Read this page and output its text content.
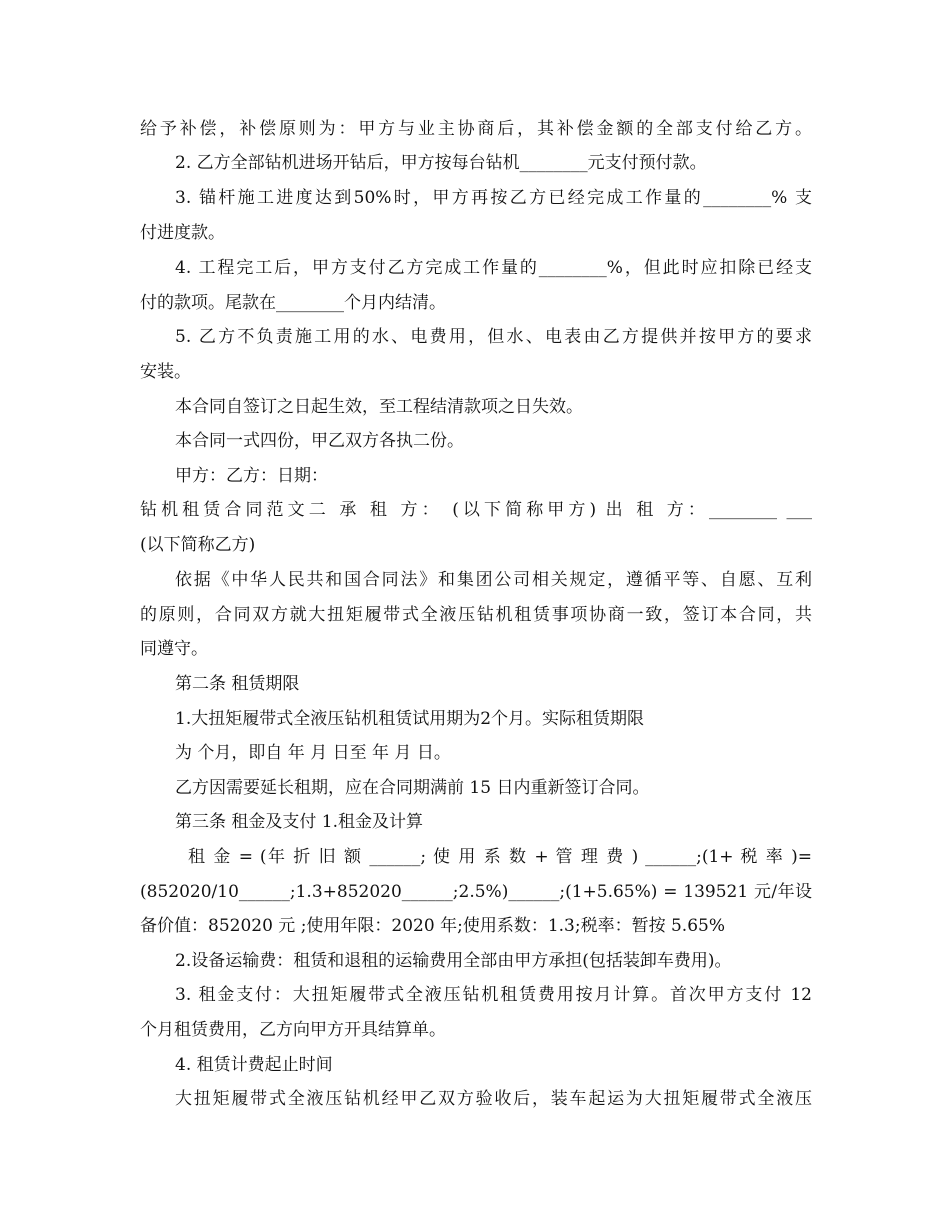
给予补偿，补偿原则为：甲方与业主协商后，其补偿金额的全部支付给乙方。
2. 乙方全部钻机进场开钻后，甲方按每台钻机________元支付预付款。
3. 锚杆施工进度达到50%时，甲方再按乙方已经完成工作量的________% 支
付进度款。
4. 工程完工后，甲方支付乙方完成工作量的________%，但此时应扣除已经支
付的款项。尾款在________个月内结清。
5. 乙方不负责施工用的水、电费用，但水、电表由乙方提供并按甲方的要求
安装。
本合同自签订之日起生效，至工程结清款项之日失效。
本合同一式四份，甲乙双方各执二份。
甲方：乙方：日期：
钻机租赁合同范文二 承 租 方： (以下简称甲方) 出 租 方：________ ___
(以下简称乙方)
依据《中华人民共和国合同法》和集团公司相关规定，遵循平等、自愿、互利
的原则，合同双方就大扭矩履带式全液压钻机租赁事项协商一致，签订本合同，共
同遵守。
第二条 租赁期限
1.大扭矩履带式全液压钻机租赁试用期为2个月。实际租赁期限
为 个月，即自 年 月 日至 年 月 日。
乙方因需要延长租期，应在合同期满前 15 日内重新签订合同。
第三条 租金及支付 1.租金及计算
租 金 = (年 折 旧 额 ______; 使 用 系 数 + 管 理 费 ) ______;(1+ 税 率 )=
(852020/10______;1.3+852020______;2.5%)______;(1+5.65%) = 139521 元/年设
备价值：852020 元 ;使用年限：2020 年;使用系数：1.3;税率：暂按 5.65%
2.设备运输费：租赁和退租的运输费用全部由甲方承担(包括装卸车费用)。
3. 租金支付：大扭矩履带式全液压钻机租赁费用按月计算。首次甲方支付 12
个月租赁费用，乙方向甲方开具结算单。
4. 租赁计费起止时间
大扭矩履带式全液压钻机经甲乙双方验收后，装车起运为大扭矩履带式全液压
